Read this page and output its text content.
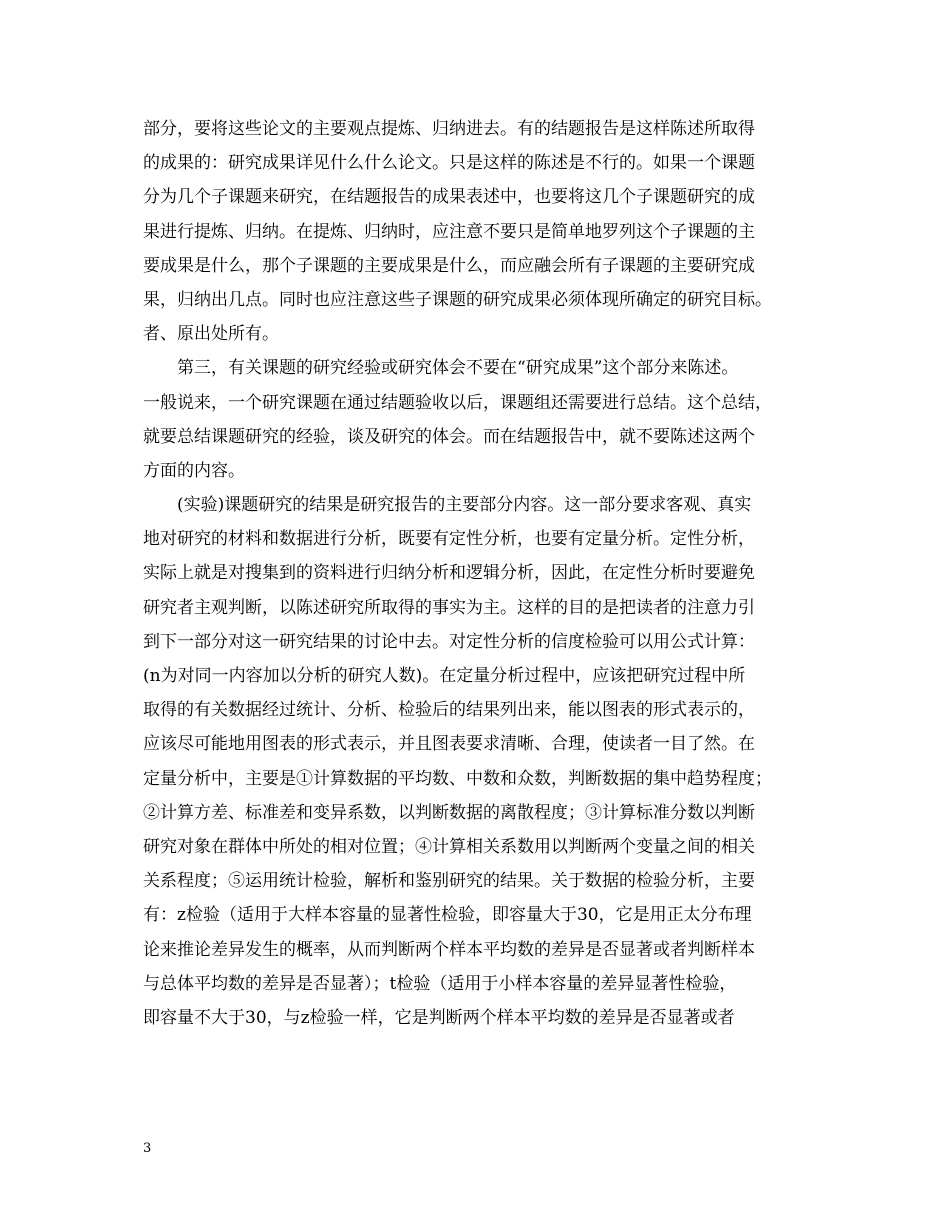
部分，要将这些论文的主要观点提炼、归纳进去。有的结题报告是这样陈述所取得
的成果的：研究成果详见什么什么论文。只是这样的陈述是不行的。如果一个课题
分为几个子课题来研究，在结题报告的成果表述中，也要将这几个子课题研究的成
果进行提炼、归纳。在提炼、归纳时，应注意不要只是简单地罗列这个子课题的主
要成果是什么，那个子课题的主要成果是什么，而应融会所有子课题的主要研究成
果，归纳出几点。同时也应注意这些子课题的研究成果必须体现所确定的研究目标。
者、原出处所有。
第三，有关课题的研究经验或研究体会不要在“研究成果”这个部分来陈述。
一般说来，一个研究课题在通过结题验收以后，课题组还需要进行总结。这个总结，
就要总结课题研究的经验，谈及研究的体会。而在结题报告中，就不要陈述这两个
方面的内容。
(实验)课题研究的结果是研究报告的主要部分内容。这一部分要求客观、真实
地对研究的材料和数据进行分析，既要有定性分析，也要有定量分析。定性分析，
实际上就是对搜集到的资料进行归纳分析和逻辑分析，因此，在定性分析时要避免
研究者主观判断，以陈述研究所取得的事实为主。这样的目的是把读者的注意力引
到下一部分对这一研究结果的讨论中去。对定性分析的信度检验可以用公式计算：
(n为对同一内容加以分析的研究人数)。在定量分析过程中，应该把研究过程中所
取得的有关数据经过统计、分析、检验后的结果列出来，能以图表的形式表示的，
应该尽可能地用图表的形式表示，并且图表要求清晰、合理，使读者一目了然。在
定量分析中，主要是①计算数据的平均数、中数和众数，判断数据的集中趋势程度；
②计算方差、标准差和变异系数，以判断数据的离散程度；③计算标准分数以判断
研究对象在群体中所处的相对位置；④计算相关系数用以判断两个变量之间的相关
关系程度；⑤运用统计检验，解析和鉴别研究的结果。关于数据的检验分析，主要
有：z检验（适用于大样本容量的显著性检验，即容量大于30，它是用正太分布理
论来推论差异发生的概率，从而判断两个样本平均数的差异是否显著或者判断样本
与总体平均数的差异是否显著）；t检验（适用于小样本容量的差异显著性检验，
即容量不大于30，与z检验一样，它是判断两个样本平均数的差异是否显著或者
3
